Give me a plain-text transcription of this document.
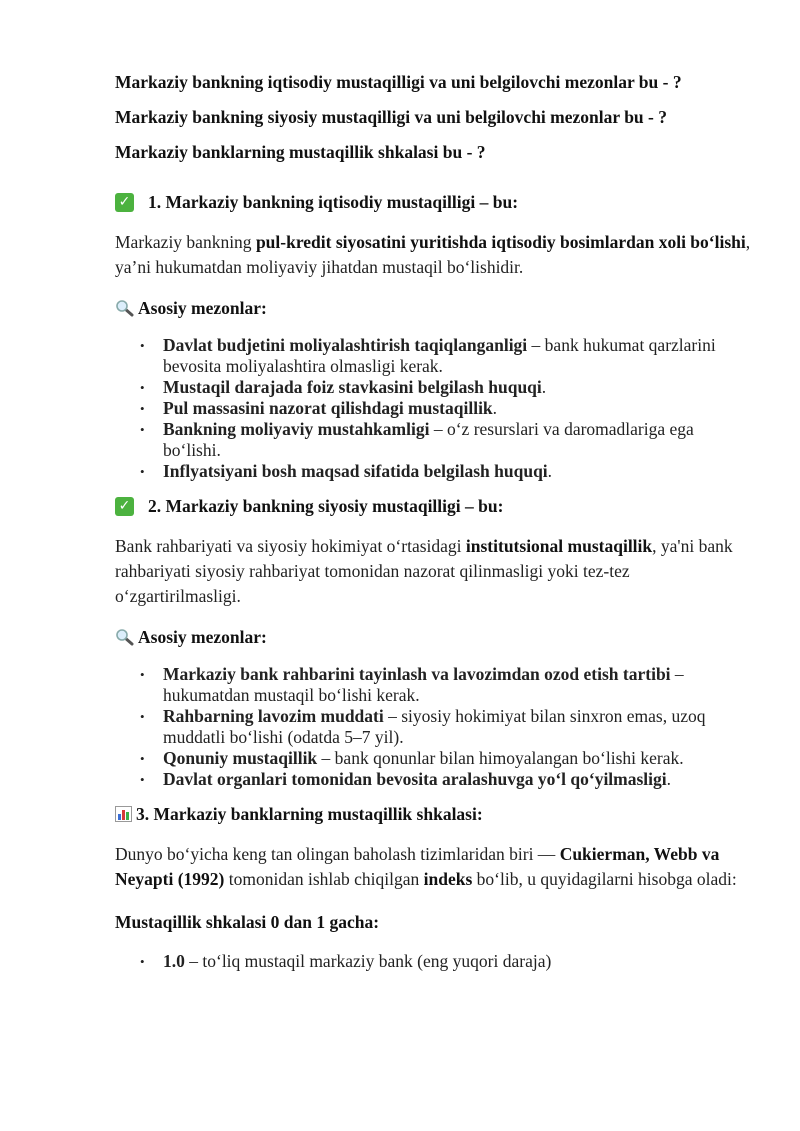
Markaziy bankning iqtisodiy mustaqilligi va uni belgilovchi mezonlar bu - ?
Markaziy bankning siyosiy mustaqilligi va uni belgilovchi mezonlar bu - ?
Markaziy banklarning mustaqillik shkalasi bu - ?
✓ 1. Markaziy bankning iqtisodiy mustaqilligi – bu:

Markaziy bankning pul-kredit siyosatini yuritishda iqtisodiy bosimlardan xoli bo‘lishi, ya’ni hukumatdan moliyaviy jihatdan mustaqil bo‘lishidir.

Asosiy mezonlar:
• Davlat budjetini moliyalashtirish taqiqlanganligi – bank hukumat qarzlarini bevosita moliyalashtira olmasligi kerak.
• Mustaqil darajada foiz stavkasini belgilash huquqi.
• Pul massasini nazorat qilishdagi mustaqillik.
• Bankning moliyaviy mustahkamligi – o‘z resurslari va daromadlariga ega bo‘lishi.
• Inflyatsiyani bosh maqsad sifatida belgilash huquqi.
✓ 2. Markaziy bankning siyosiy mustaqilligi – bu:

Bank rahbariyati va siyosiy hokimiyat o‘rtasidagi institutsional mustaqillik, ya'ni bank rahbariyati siyosiy rahbariyat tomonidan nazorat qilinmasligi yoki tez-tez o‘zgartirilmasligi.

Asosiy mezonlar:
• Markaziy bank rahbarini tayinlash va lavozimdan ozod etish tartibi – hukumatdan mustaqil bo‘lishi kerak.
• Rahbarning lavozim muddati – siyosiy hokimiyat bilan sinxron emas, uzoq muddatli bo‘lishi (odatda 5–7 yil).
• Qonuniy mustaqillik – bank qonunlar bilan himoyalangan bo‘lishi kerak.
• Davlat organlari tomonidan bevosita aralashuvga yo‘l qo‘yilmasligi.
3. Markaziy banklarning mustaqillik shkalasi:

Dunyo bo‘yicha keng tan olingan baholash tizimlaridan biri — Cukierman, Webb va Neyapti (1992) tomonidan ishlab chiqilgan indeks bo‘lib, u quyidagilarni hisobga oladi:

Mustaqillik shkalasi 0 dan 1 gacha:
• 1.0 – to‘liq mustaqil markaziy bank (eng yuqori daraja)
